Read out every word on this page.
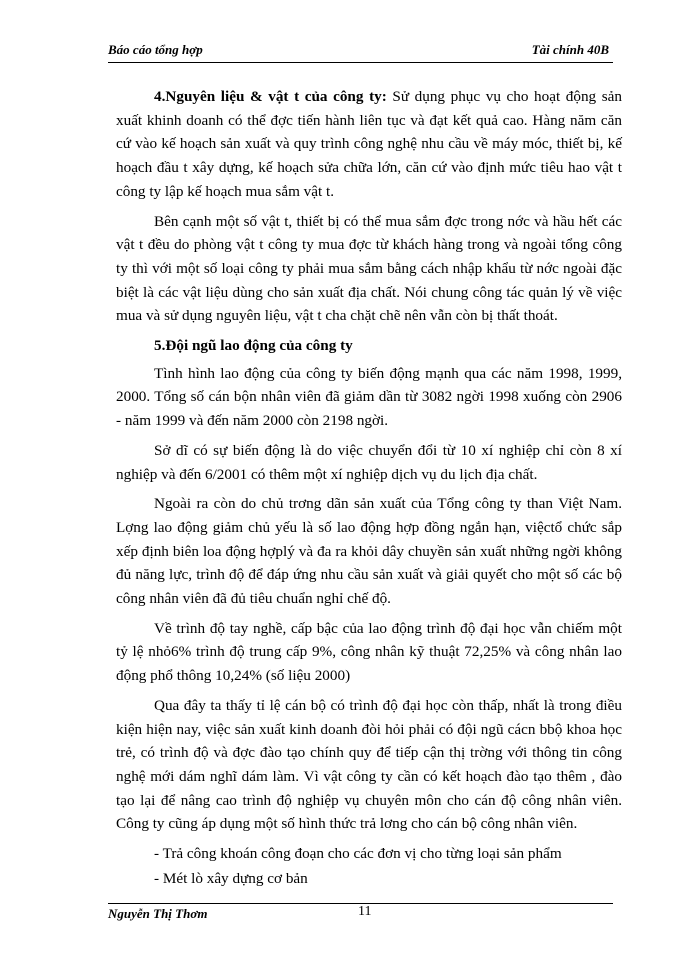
Báo cáo tổng hợp	Tài chính 40B

4.Nguyên liệu & vật t của công ty: Sử dụng phục vụ cho hoạt động sản xuất khinh doanh có thể đợc tiến hành liên tục và đạt kết quả cao. Hàng năm căn cứ vào kế hoạch sản xuất và quy trình công nghệ nhu cầu về máy móc, thiết bị, kế hoạch đầu t xây dựng, kế hoạch sửa chữa lớn, căn cứ vào định mức tiêu hao vật t công ty lập kế hoạch mua sắm vật t.

Bên cạnh một số vật t, thiết bị có thể mua sắm đợc trong nớc và hầu hết các vật t đều do phòng vật t công ty mua đợc từ khách hàng trong và ngoài tổng công ty thì với một số loại công ty phải mua sắm bằng cách nhập khẩu từ nớc ngoài đặc biệt là các vật liệu dùng cho sản xuất địa chất. Nói chung công tác quản lý về việc mua và sử dụng nguyên liệu, vật t cha chặt chẽ nên vẫn còn bị thất thoát.

5.Đội ngũ lao động của công ty

Tình hình lao động của công ty biến động mạnh qua các năm 1998, 1999, 2000. Tổng số cán bộn nhân viên đã giảm dần từ 3082 ngời 1998 xuống còn 2906 - năm 1999 và đến năm 2000 còn 2198 ngời.

Sở dĩ có sự biến động là do việc chuyển đổi từ 10 xí nghiệp chỉ còn 8 xí nghiệp và đến 6/2001 có thêm một xí nghiệp dịch vụ du lịch địa chất.

Ngoài ra còn do chủ trơng dãn sản xuất của Tổng công ty than Việt Nam. Lợng lao động giảm chủ yếu là số lao động hợp đồng ngắn hạn, việctổ chức sắp xếp định biên loa động hợplý và đa ra khỏi dây chuyền sản xuất những ngời không đủ năng lực, trình độ để đáp ứng nhu cầu sản xuất và giải quyết cho một số các bộ công nhân viên đã đủ tiêu chuẩn nghỉ chế độ.

Về trình độ tay nghề, cấp bậc của lao động trình độ đại học vẫn chiếm một tỷ lệ nhỏ6% trình độ trung cấp 9%, công nhân kỹ thuật 72,25% và công nhân lao động phổ thông 10,24% (số liệu 2000)

Qua đây ta thấy tỉ lệ cán bộ có trình độ đại học còn thấp, nhất là trong điều kiện hiện nay, việc sản xuất kinh doanh đòi hỏi phải có đội ngũ cácn bbộ khoa học trẻ, có trình độ và đợc đào tạo chính quy để tiếp cận thị trờng với thông tin công nghệ mới dám nghĩ dám làm. Vì vật công ty cần có kết hoạch đào tạo thêm , đào tạo lại để nâng cao trình độ nghiệp vụ chuyên môn cho cán độ công nhân viên. Công ty cũng áp dụng một số hình thức trả lơng cho cán bộ công nhân viên.

- Trả công khoán công đoạn cho các đơn vị cho từng loại sản phẩm

- Mét lò xây dựng cơ bản

Nguyễn Thị Thơm	11
